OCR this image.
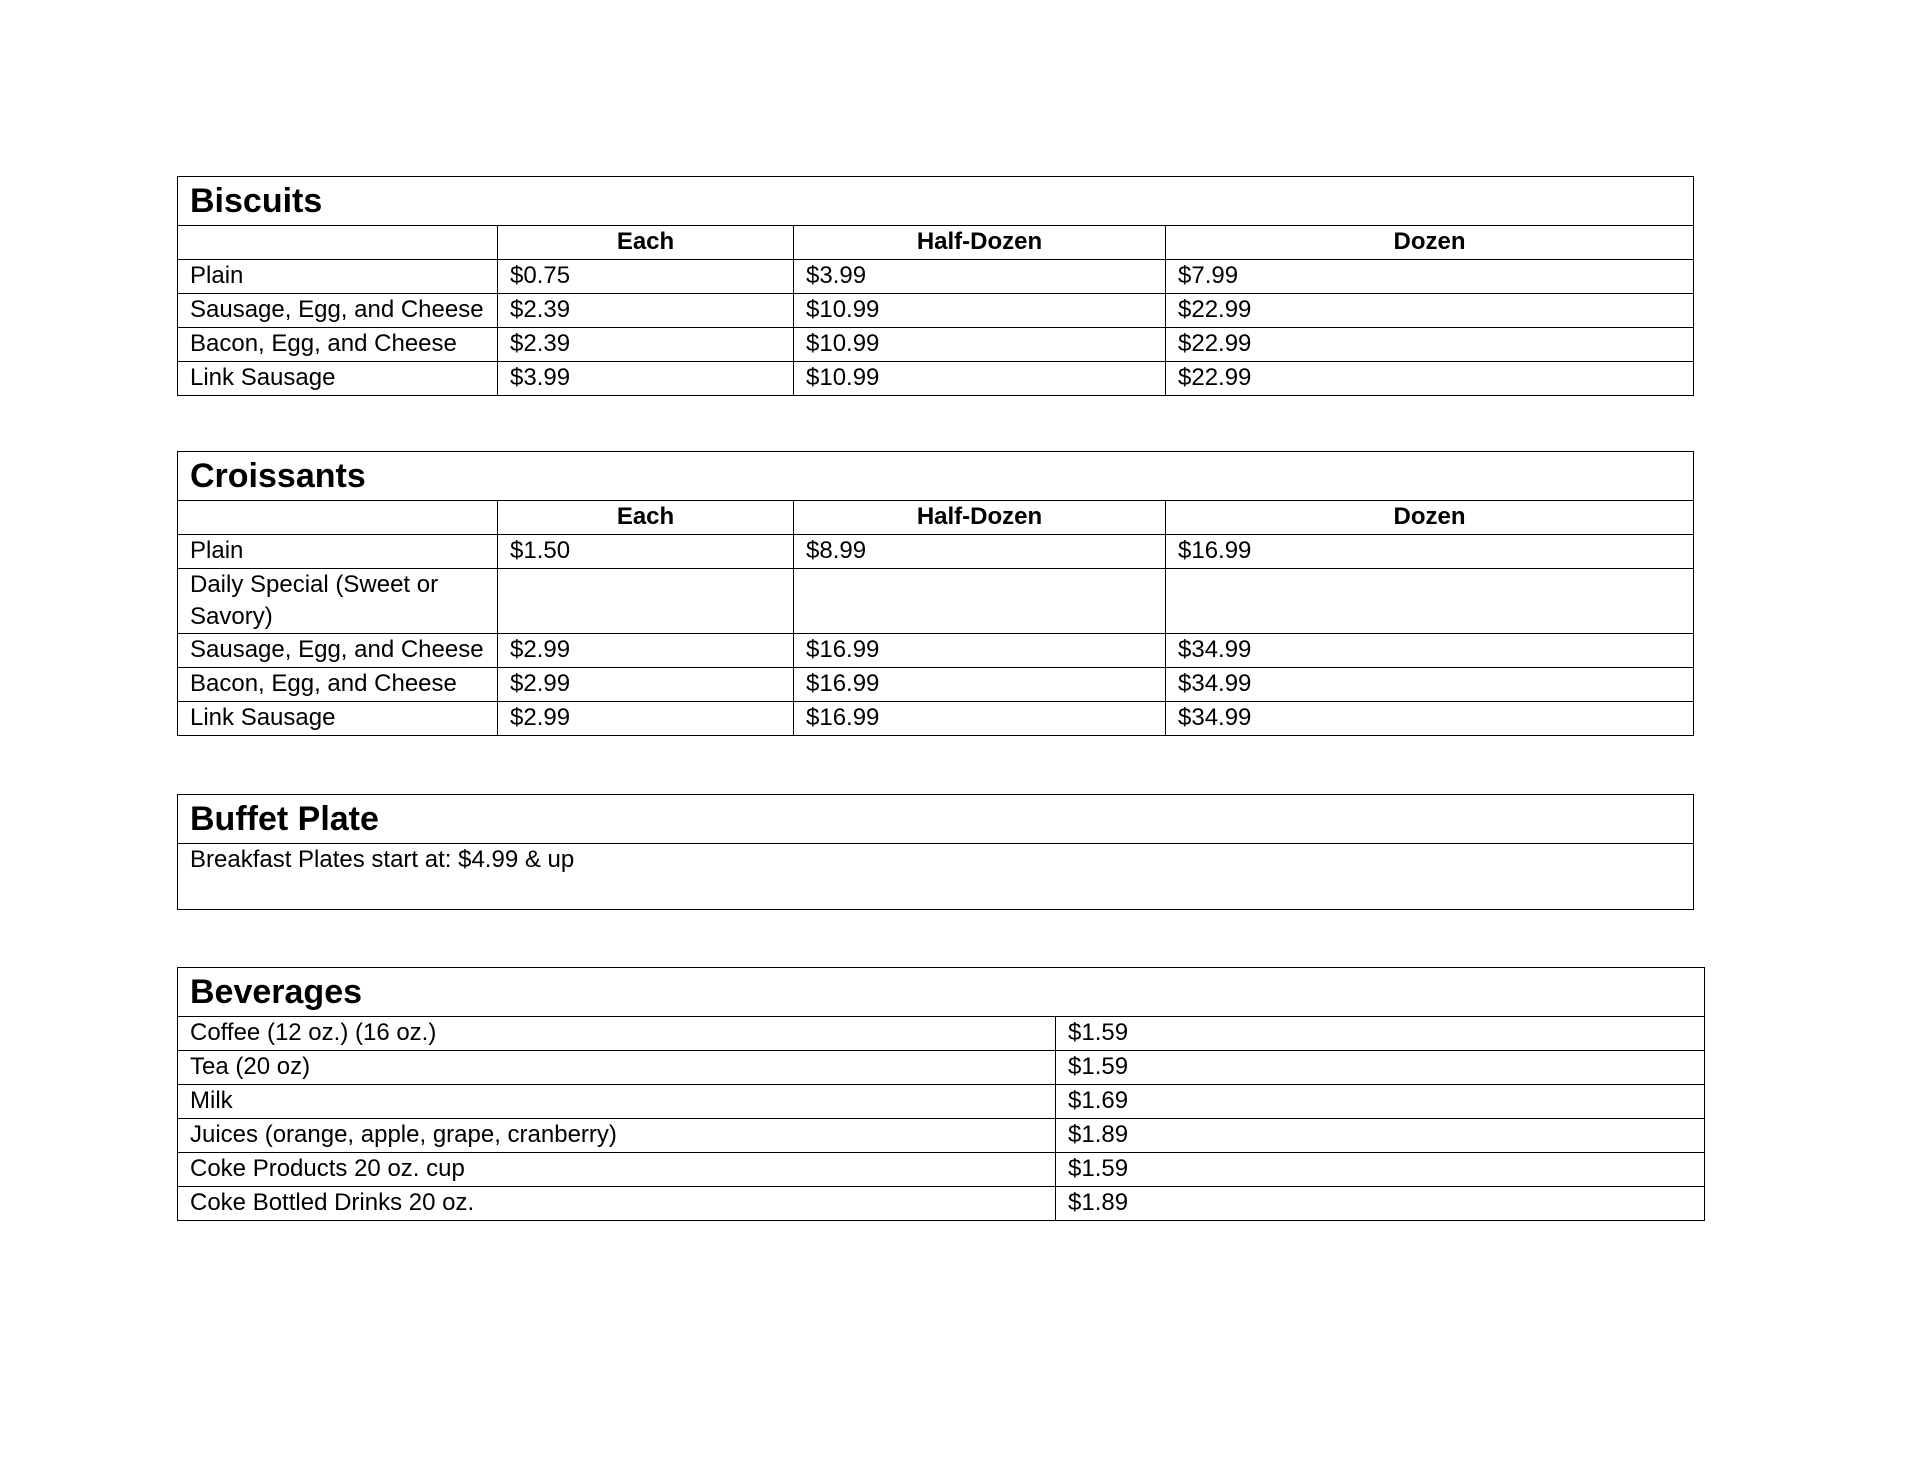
Biscuits			
	Each	Half-Dozen	Dozen
Plain	$0.75	$3.99	$7.99
Sausage, Egg, and Cheese	$2.39	$10.99	$22.99
Bacon, Egg, and Cheese	$2.39	$10.99	$22.99
Link Sausage	$3.99	$10.99	$22.99
Croissants			
	Each	Half-Dozen	Dozen
Plain	$1.50	$8.99	$16.99
Daily Special (Sweet or Savory)			
Sausage, Egg, and Cheese	$2.99	$16.99	$34.99
Bacon, Egg, and Cheese	$2.99	$16.99	$34.99
Link Sausage	$2.99	$16.99	$34.99
Buffet Plate
Breakfast Plates start at: $4.99 & up
Beverages	
Coffee (12 oz.) (16 oz.)	$1.59
Tea (20 oz)	$1.59
Milk	$1.69
Juices (orange, apple, grape, cranberry)	$1.89
Coke Products 20 oz. cup	$1.59
Coke Bottled Drinks 20 oz.	$1.89
